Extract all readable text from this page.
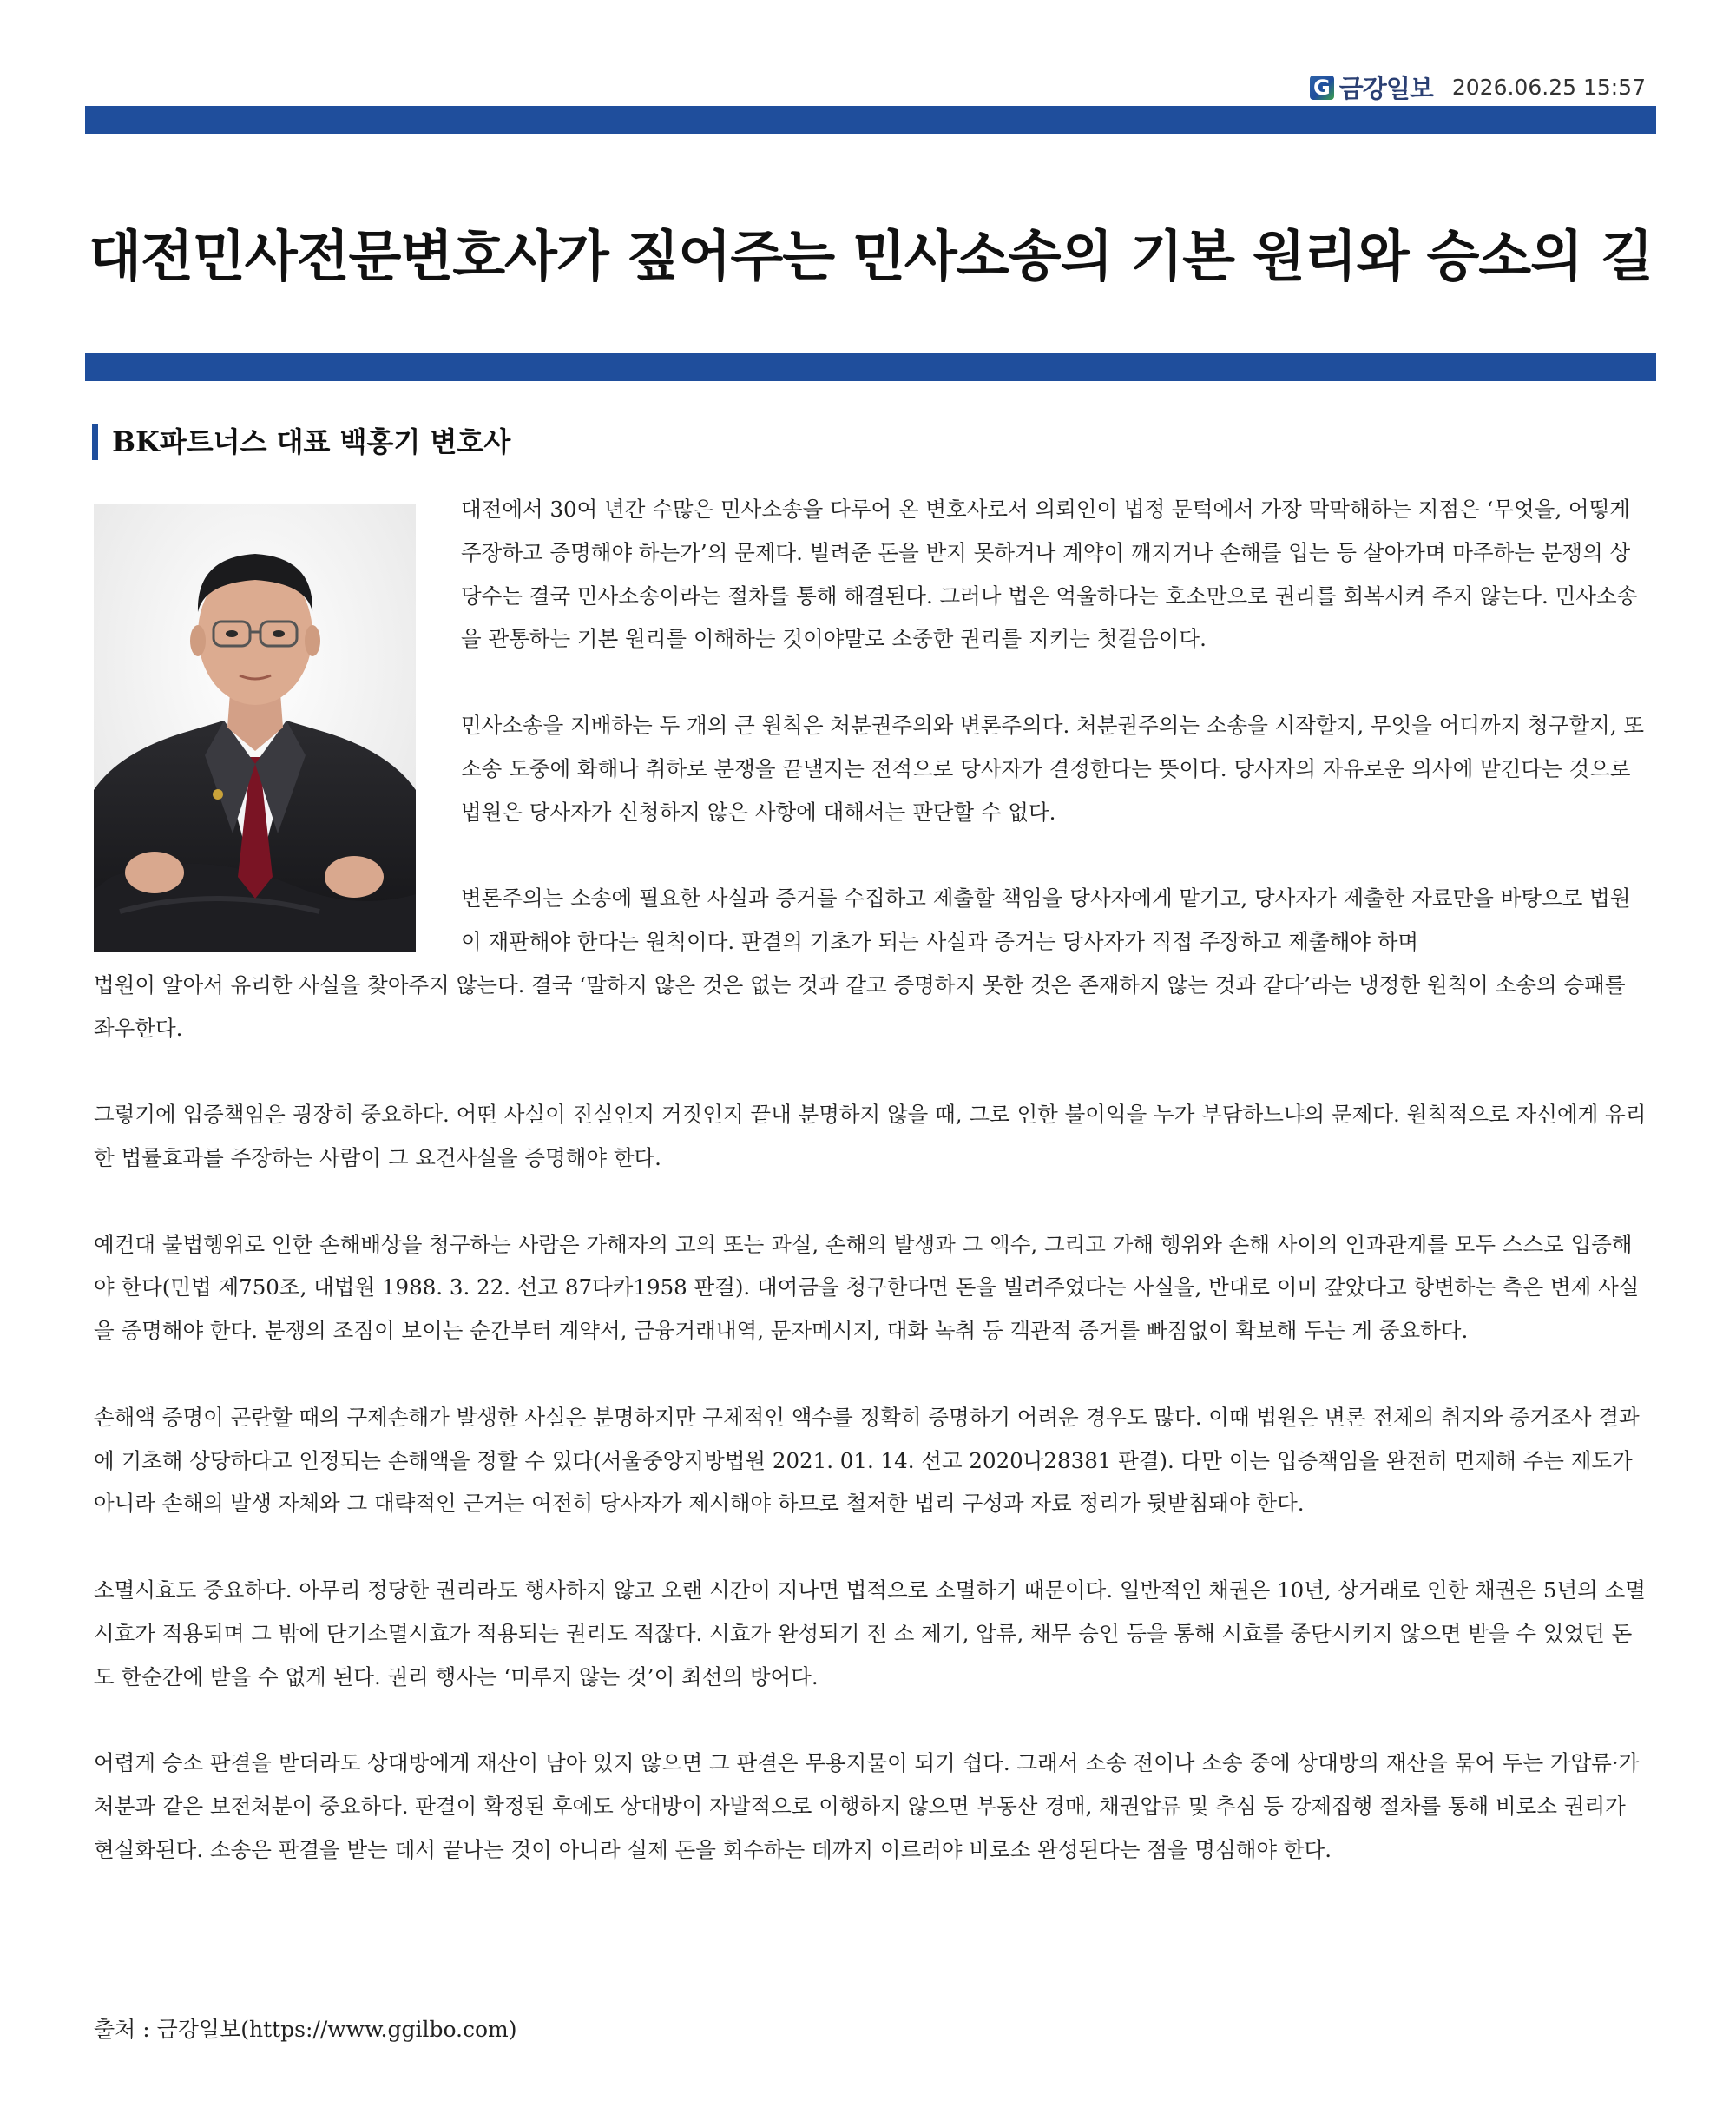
G 금강일보 2026.06.25 15:57
대전민사전문변호사가 짚어주는 민사소송의 기본 원리와 승소의 길
BK파트너스 대표 백홍기 변호사

대전에서 30여 년간 수많은 민사소송을 다루어 온 변호사로서 의뢰인이 법정 문턱에서 가장 막막해하는 지점은 ‘무엇을, 어떻게 주장하고 증명해야 하는가’의 문제다. 빌려준 돈을 받지 못하거나 계약이 깨지거나 손해를 입는 등 살아가며 마주하는 분쟁의 상당수는 결국 민사소송이라는 절차를 통해 해결된다. 그러나 법은 억울하다는 호소만으로 권리를 회복시켜 주지 않는다. 민사소송을 관통하는 기본 원리를 이해하는 것이야말로 소중한 권리를 지키는 첫걸음이다.

민사소송을 지배하는 두 개의 큰 원칙은 처분권주의와 변론주의다. 처분권주의는 소송을 시작할지, 무엇을 어디까지 청구할지, 또 소송 도중에 화해나 취하로 분쟁을 끝낼지는 전적으로 당사자가 결정한다는 뜻이다. 당사자의 자유로운 의사에 맡긴다는 것으로 법원은 당사자가 신청하지 않은 사항에 대해서는 판단할 수 없다.

변론주의는 소송에 필요한 사실과 증거를 수집하고 제출할 책임을 당사자에게 맡기고, 당사자가 제출한 자료만을 바탕으로 법원이 재판해야 한다는 원칙이다. 판결의 기초가 되는 사실과 증거는 당사자가 직접 주장하고 제출해야 하며

법원이 알아서 유리한 사실을 찾아주지 않는다. 결국 ‘말하지 않은 것은 없는 것과 같고 증명하지 못한 것은 존재하지 않는 것과 같다’라는 냉정한 원칙이 소송의 승패를 좌우한다.

그렇기에 입증책임은 굉장히 중요하다. 어떤 사실이 진실인지 거짓인지 끝내 분명하지 않을 때, 그로 인한 불이익을 누가 부담하느냐의 문제다. 원칙적으로 자신에게 유리한 법률효과를 주장하는 사람이 그 요건사실을 증명해야 한다.

예컨대 불법행위로 인한 손해배상을 청구하는 사람은 가해자의 고의 또는 과실, 손해의 발생과 그 액수, 그리고 가해 행위와 손해 사이의 인과관계를 모두 스스로 입증해야 한다(민법 제750조, 대법원 1988. 3. 22. 선고 87다카1958 판결). 대여금을 청구한다면 돈을 빌려주었다는 사실을, 반대로 이미 갚았다고 항변하는 측은 변제 사실을 증명해야 한다. 분쟁의 조짐이 보이는 순간부터 계약서, 금융거래내역, 문자메시지, 대화 녹취 등 객관적 증거를 빠짐없이 확보해 두는 게 중요하다.

손해액 증명이 곤란할 때의 구제손해가 발생한 사실은 분명하지만 구체적인 액수를 정확히 증명하기 어려운 경우도 많다. 이때 법원은 변론 전체의 취지와 증거조사 결과에 기초해 상당하다고 인정되는 손해액을 정할 수 있다(서울중앙지방법원 2021. 01. 14. 선고 2020나28381 판결). 다만 이는 입증책임을 완전히 면제해 주는 제도가 아니라 손해의 발생 자체와 그 대략적인 근거는 여전히 당사자가 제시해야 하므로 철저한 법리 구성과 자료 정리가 뒷받침돼야 한다.

소멸시효도 중요하다. 아무리 정당한 권리라도 행사하지 않고 오랜 시간이 지나면 법적으로 소멸하기 때문이다. 일반적인 채권은 10년, 상거래로 인한 채권은 5년의 소멸시효가 적용되며 그 밖에 단기소멸시효가 적용되는 권리도 적잖다. 시효가 완성되기 전 소 제기, 압류, 채무 승인 등을 통해 시효를 중단시키지 않으면 받을 수 있었던 돈도 한순간에 받을 수 없게 된다. 권리 행사는 ‘미루지 않는 것’이 최선의 방어다.

어렵게 승소 판결을 받더라도 상대방에게 재산이 남아 있지 않으면 그 판결은 무용지물이 되기 쉽다. 그래서 소송 전이나 소송 중에 상대방의 재산을 묶어 두는 가압류·가처분과 같은 보전처분이 중요하다. 판결이 확정된 후에도 상대방이 자발적으로 이행하지 않으면 부동산 경매, 채권압류 및 추심 등 강제집행 절차를 통해 비로소 권리가 현실화된다. 소송은 판결을 받는 데서 끝나는 것이 아니라 실제 돈을 회수하는 데까지 이르러야 비로소 완성된다는 점을 명심해야 한다.

출처 : 금강일보(https://www.ggilbo.com)
